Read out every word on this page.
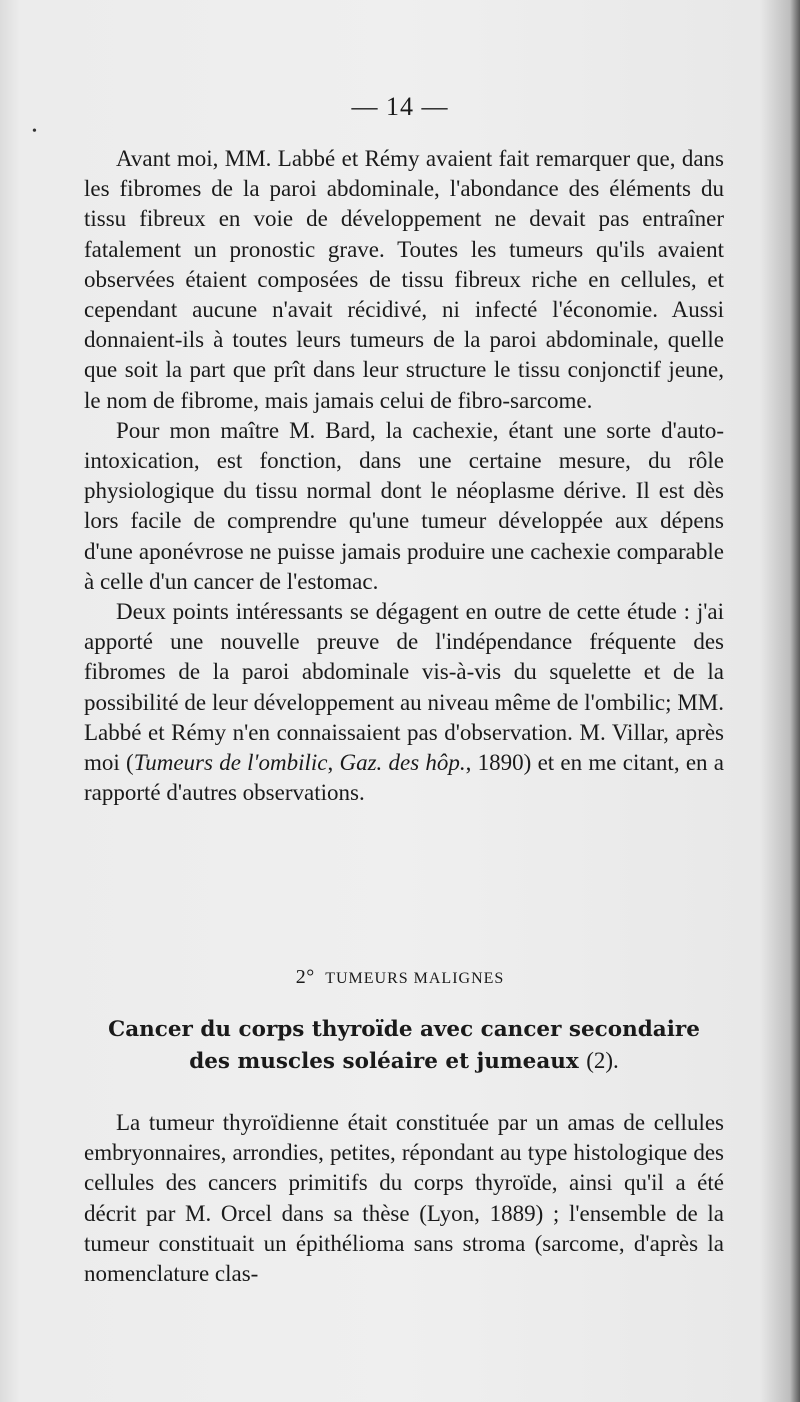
•
— 14 —

Avant moi, MM. Labbé et Rémy avaient fait remarquer que, dans les fibromes de la paroi abdominale, l'abondance des éléments du tissu fibreux en voie de développement ne devait pas entraîner fatalement un pronostic grave. Toutes les tumeurs qu'ils avaient observées étaient composées de tissu fibreux riche en cellules, et cependant aucune n'avait récidivé, ni infecté l'économie. Aussi donnaient-ils à toutes leurs tumeurs de la paroi abdominale, quelle que soit la part que prît dans leur structure le tissu conjonctif jeune, le nom de fibrome, mais jamais celui de fibro-sarcome.

Pour mon maître M. Bard, la cachexie, étant une sorte d'auto-intoxication, est fonction, dans une certaine mesure, du rôle physiologique du tissu normal dont le néoplasme dérive. Il est dès lors facile de comprendre qu'une tumeur développée aux dépens d'une aponévrose ne puisse jamais produire une cachexie comparable à celle d'un cancer de l'estomac.

Deux points intéressants se dégagent en outre de cette étude : j'ai apporté une nouvelle preuve de l'indépendance fréquente des fibromes de la paroi abdominale vis-à-vis du squelette et de la possibilité de leur développement au niveau même de l'ombilic; MM. Labbé et Rémy n'en connaissaient pas d'observation. M. Villar, après moi (Tumeurs de l'ombilic, Gaz. des hôp., 1890) et en me citant, en a rapporté d'autres observations.

2° TUMEURS MALIGNES
Cancer du corps thyroïde avec cancer secondaire des muscles soléaire et jumeaux (2).

La tumeur thyroïdienne était constituée par un amas de cellules embryonnaires, arrondies, petites, répondant au type histologique des cellules des cancers primitifs du corps thyroïde, ainsi qu'il a été décrit par M. Orcel dans sa thèse (Lyon, 1889) ; l'ensemble de la tumeur constituait un épithélioma sans stroma (sarcome, d'après la nomenclature clas-
